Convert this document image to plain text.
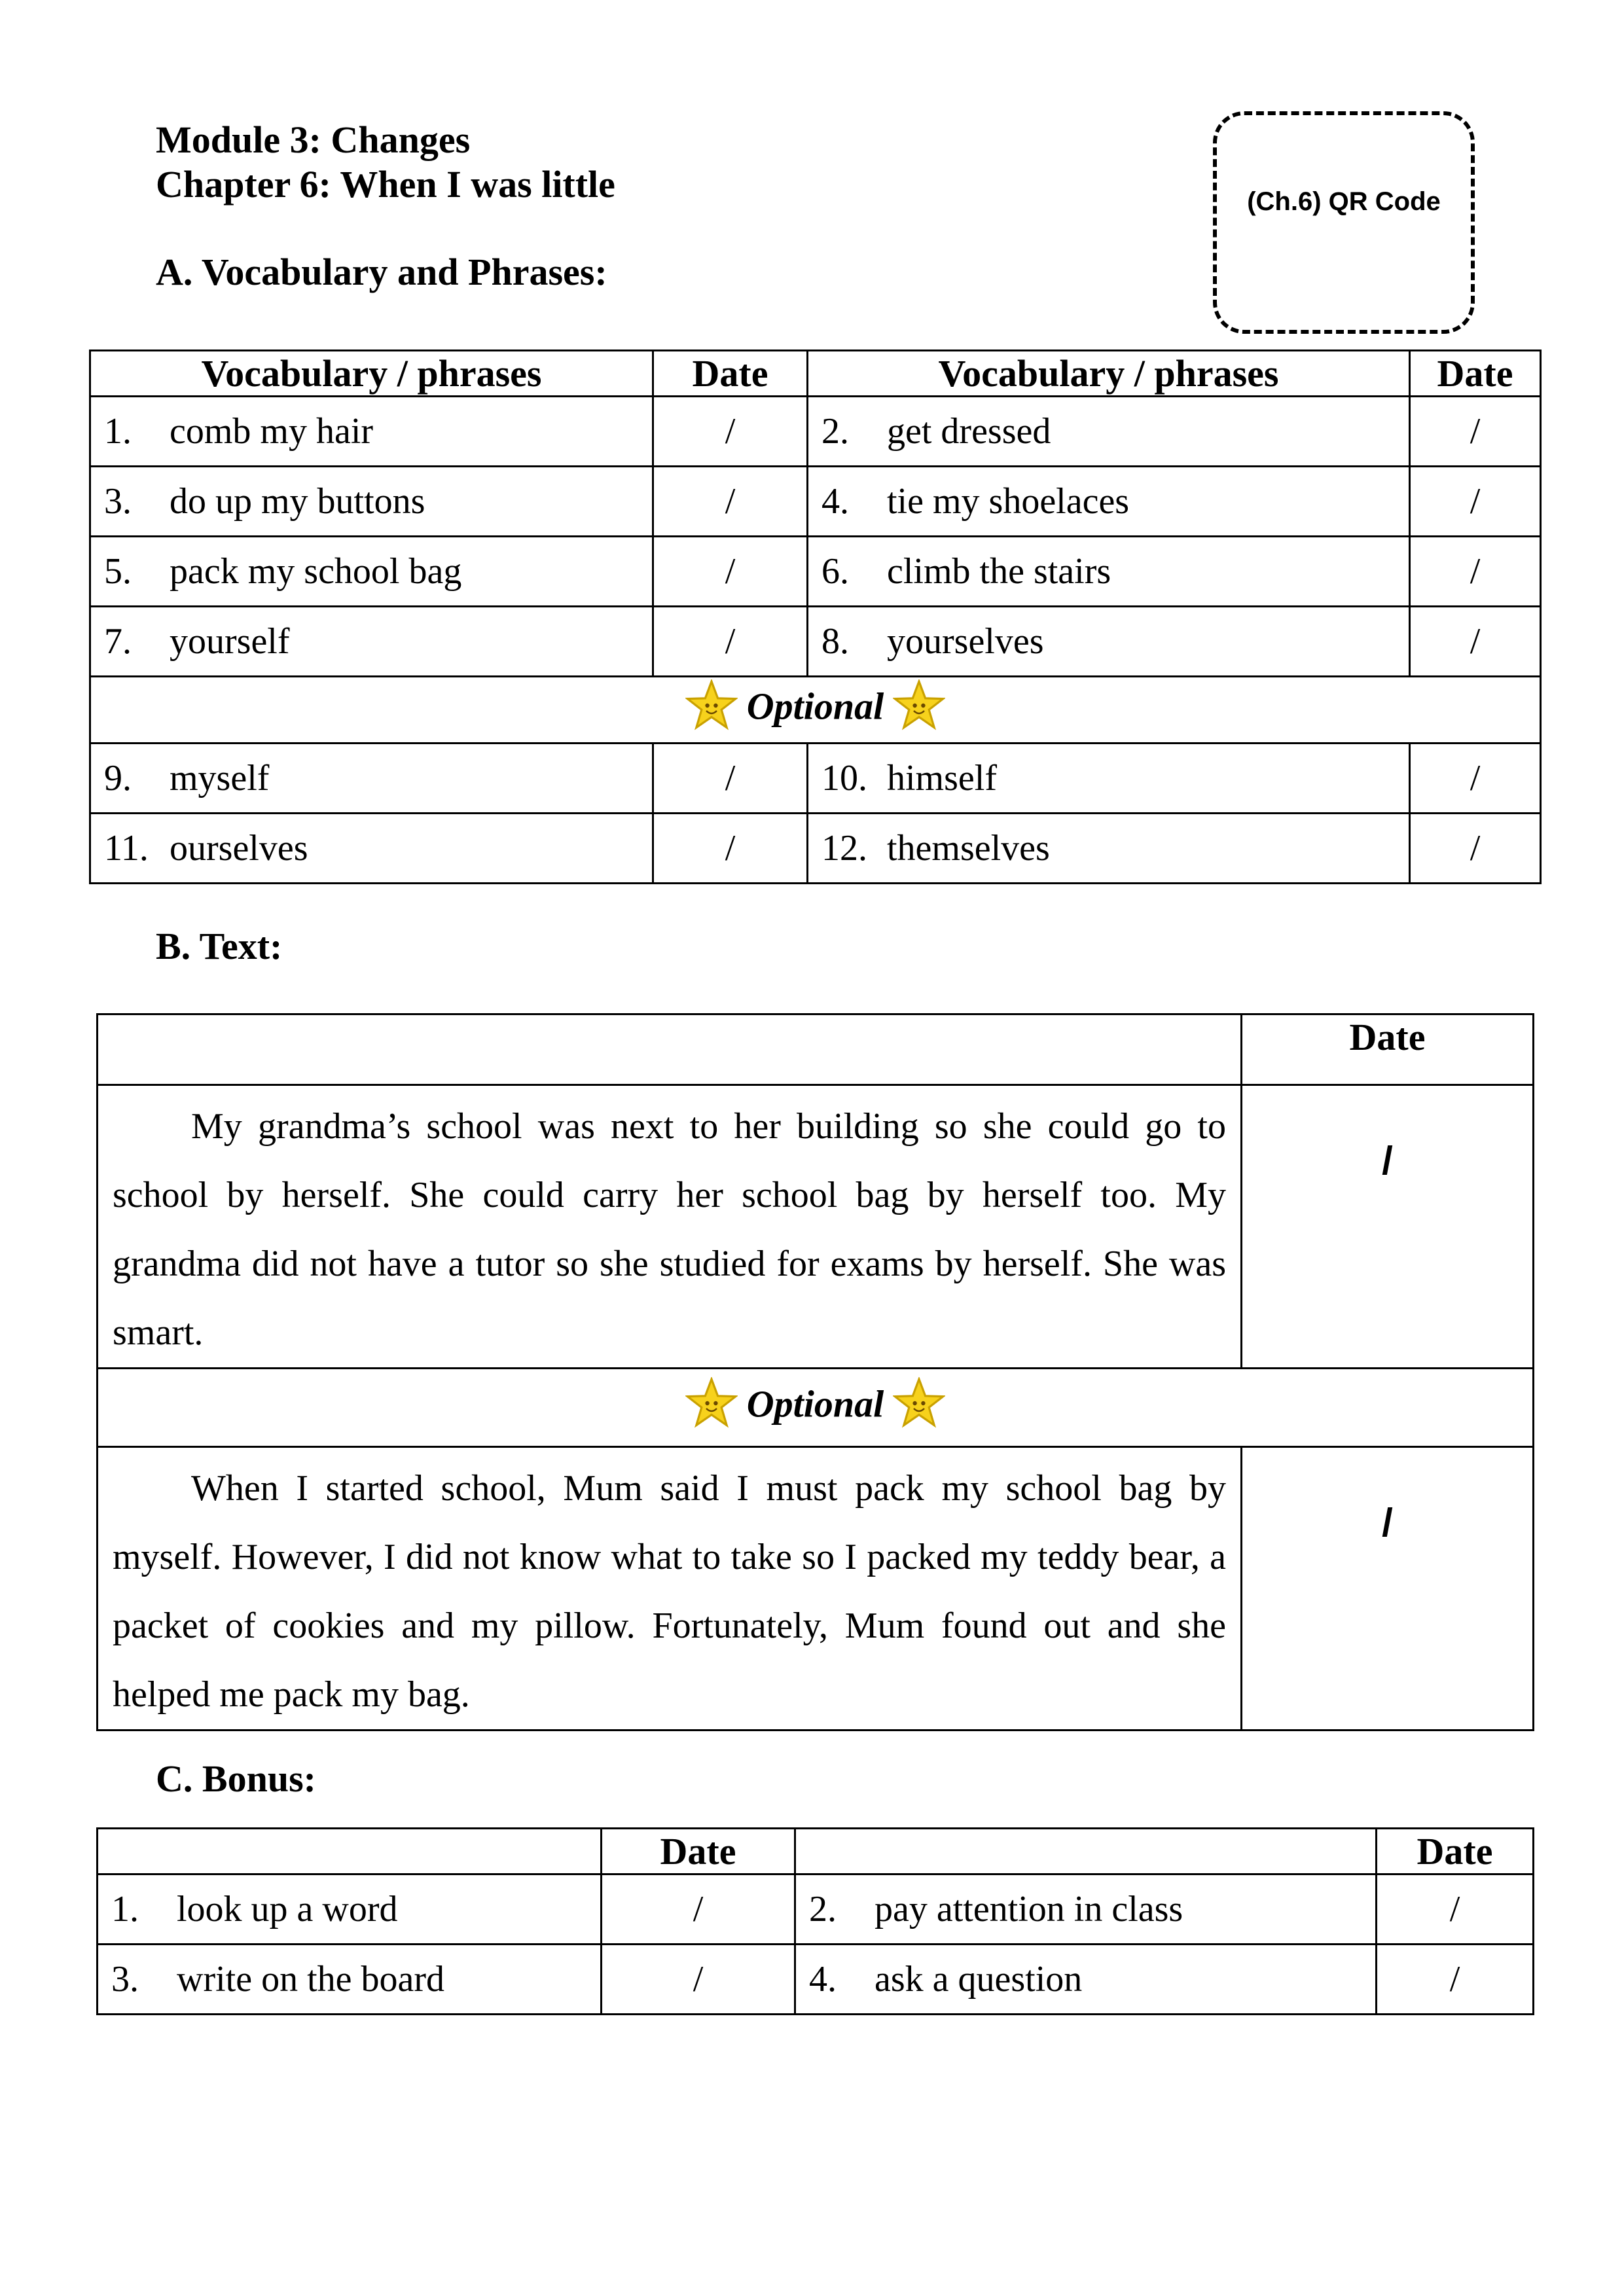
Module 3: Changes
Chapter 6: When I was little	(Ch.6) QR Code
A. Vocabulary and Phrases:
Vocabulary / phrases	Date	Vocabulary / phrases	Date
1. comb my hair	/	2. get dressed	/
3. do up my buttons	/	4. tie my shoelaces	/
5. pack my school bag	/	6. climb the stairs	/
7. yourself	/	8. yourselves	/
Optional			
9. myself	/	10. himself	/
11. ourselves	/	12. themselves	/
B. Text:
	Date

My grandma’s school was next to her building so she could go to school by herself. She could carry her school bag by herself too. My grandma did not have a tutor so she studied for exams by herself. She was smart.	/
Optional	

When I started school, Mum said I must pack my school bag by myself. However, I did not know what to take so I packed my teddy bear, a packet of cookies and my pillow. Fortunately, Mum found out and she helped me pack my bag.	/
C. Bonus:
	Date		Date
1. look up a word	/	2. pay attention in class	/
3. write on the board	/	4. ask a question	/
